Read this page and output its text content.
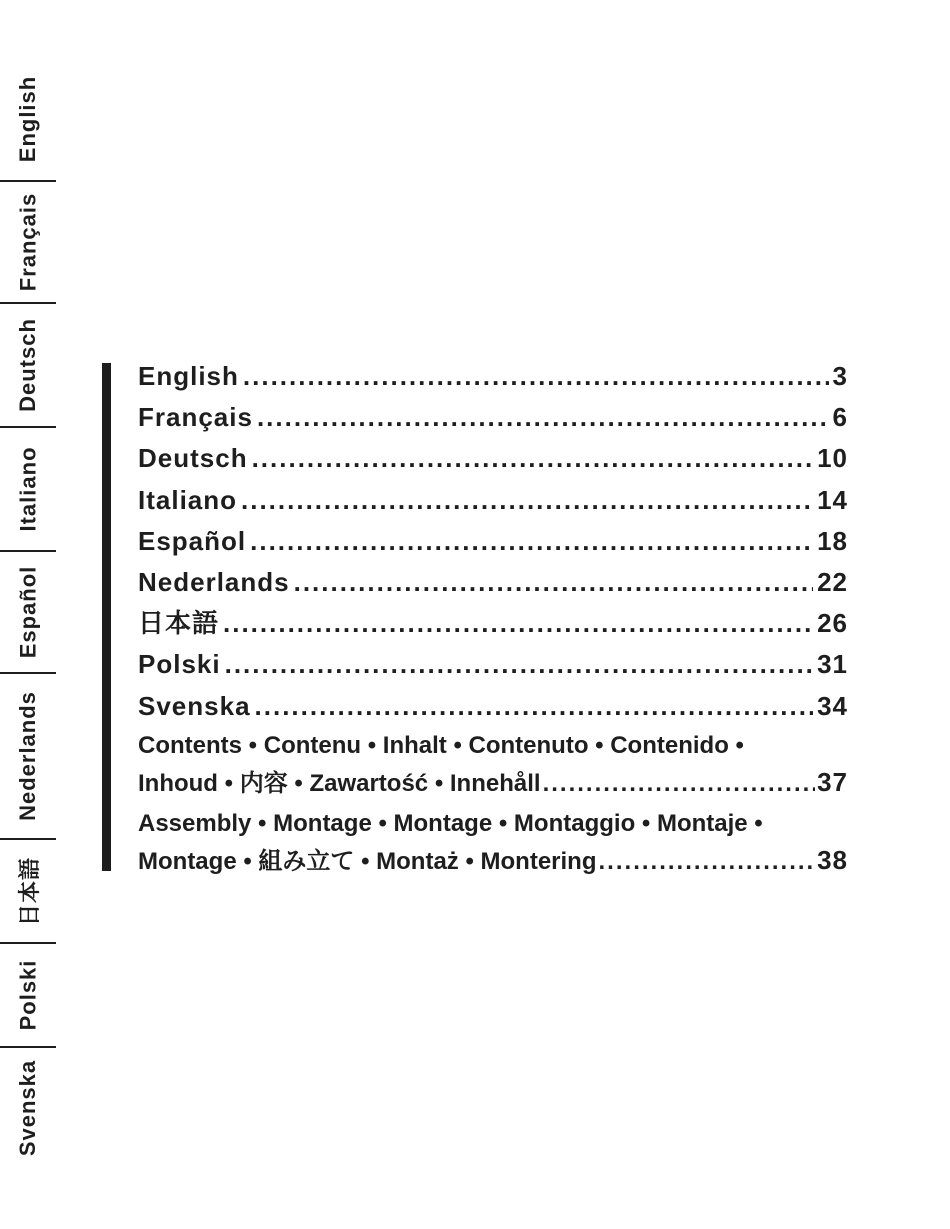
English
Français
Deutsch
Italiano
Español
Nederlands
日本語
Polski
Svenska
English .....	3
Français .....	6
Deutsch .....	10
Italiano .....	14
Español .....	18
Nederlands .....	22
日本語 .....	26
Polski .....	31
Svenska .....	34
Contents • Contenu • Inhalt • Contenuto • Contenido •
Inhoud • 内容 • Zawartość • Innehåll .....	37
Assembly • Montage • Montage • Montaggio • Montaje •
Montage • 組み立て • Montaż • Montering .....	38
